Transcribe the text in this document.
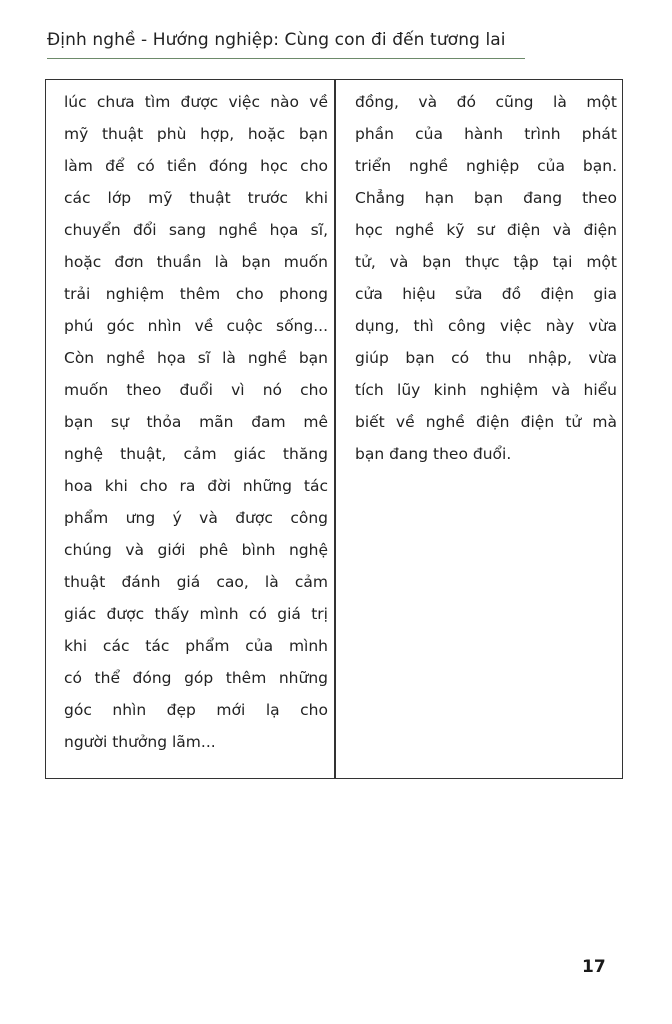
Định nghề - Hướng nghiệp: Cùng con đi đến tương lai
lúc chưa tìm được việc nào về
mỹ thuật phù hợp, hoặc bạn
làm để có tiền đóng học cho
các lớp mỹ thuật trước khi
chuyển đổi sang nghề họa sĩ,
hoặc đơn thuần là bạn muốn
trải nghiệm thêm cho phong
phú góc nhìn về cuộc sống...
Còn nghề họa sĩ là nghề bạn
muốn theo đuổi vì nó cho
bạn sự thỏa mãn đam mê
nghệ thuật, cảm giác thăng
hoa khi cho ra đời những tác
phẩm ưng ý và được công
chúng và giới phê bình nghệ
thuật đánh giá cao, là cảm
giác được thấy mình có giá trị
khi các tác phẩm của mình
có thể đóng góp thêm những
góc nhìn đẹp mới lạ cho
người thưởng lãm...
đồng, và đó cũng là một
phần của hành trình phát
triển nghề nghiệp của bạn.
Chẳng hạn bạn đang theo
học nghề kỹ sư điện và điện
tử, và bạn thực tập tại một
cửa hiệu sửa đồ điện gia
dụng, thì công việc này vừa
giúp bạn có thu nhập, vừa
tích lũy kinh nghiệm và hiểu
biết về nghề điện điện tử mà
bạn đang theo đuổi.
17
